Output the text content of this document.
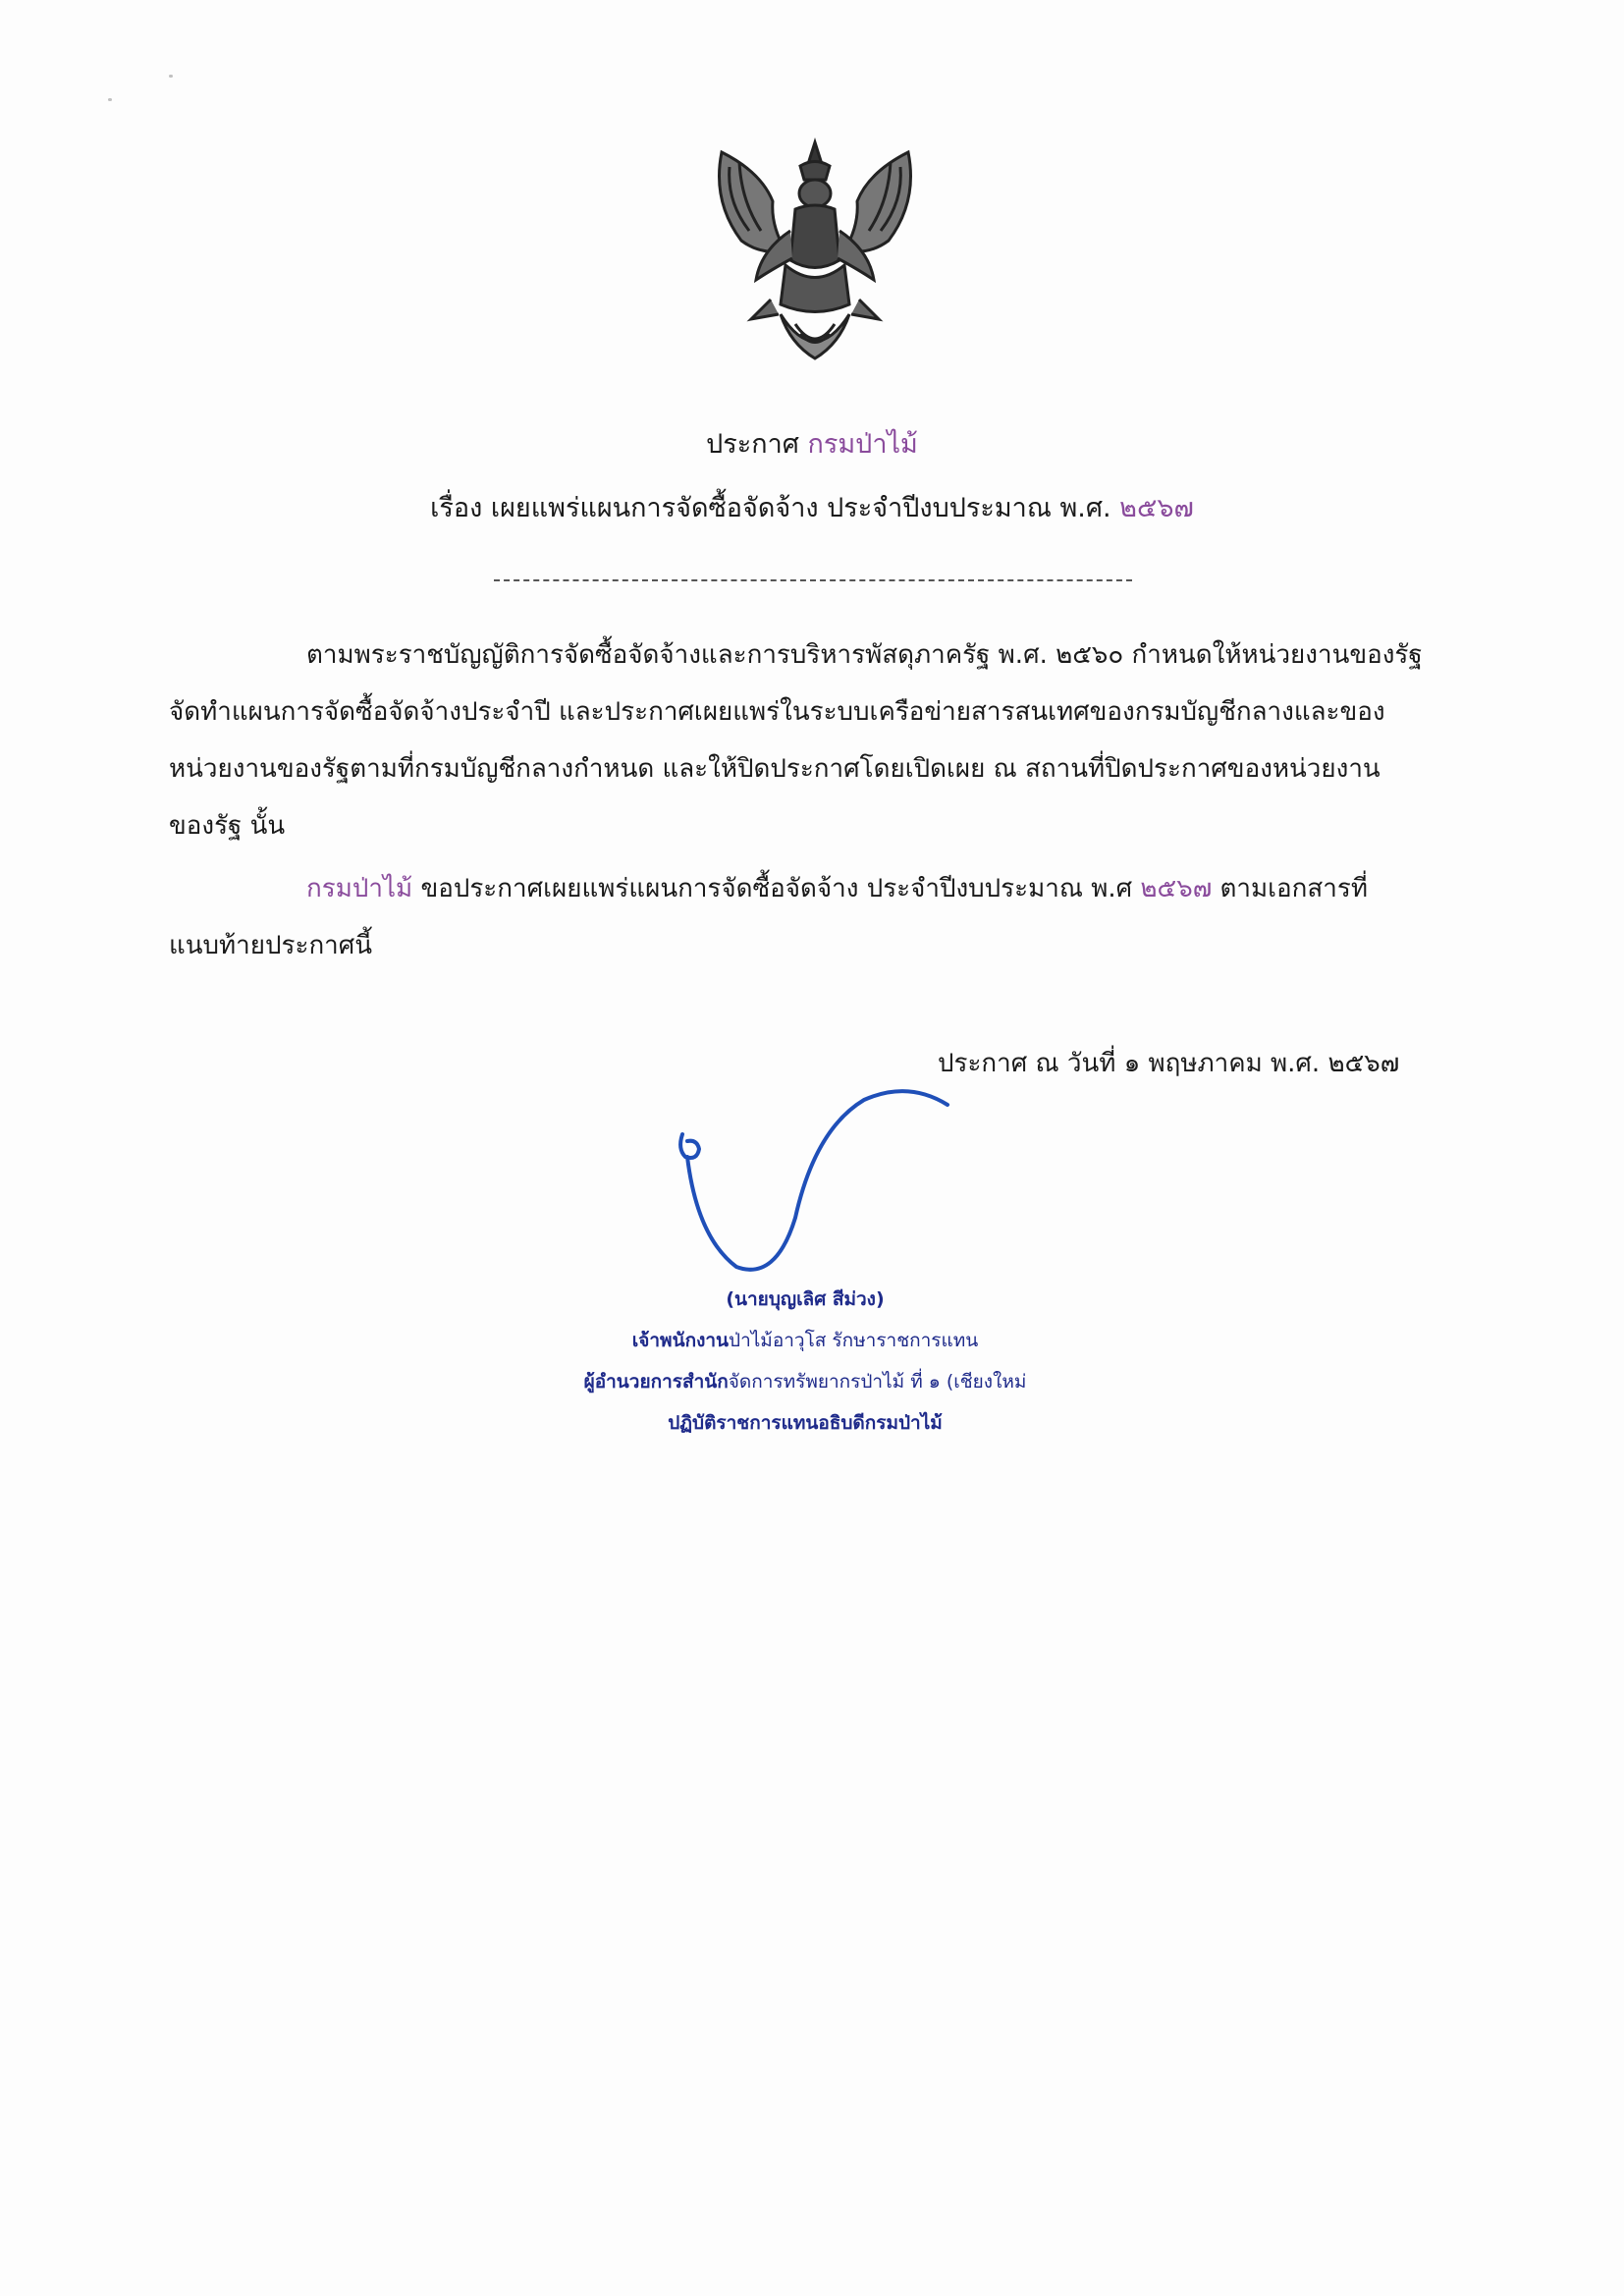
ประกาศ กรมป่าไม้
เรื่อง เผยแพร่แผนการจัดซื้อจัดจ้าง ประจำปีงบประมาณ พ.ศ. ๒๕๖๗
ตามพระราชบัญญัติการจัดซื้อจัดจ้างและการบริหารพัสดุภาครัฐ พ.ศ. ๒๕๖๐ กำหนดให้หน่วยงานของรัฐ
จัดทำแผนการจัดซื้อจัดจ้างประจำปี และประกาศเผยแพร่ในระบบเครือข่ายสารสนเทศของกรมบัญชีกลางและของ
หน่วยงานของรัฐตามที่กรมบัญชีกลางกำหนด และให้ปิดประกาศโดยเปิดเผย ณ สถานที่ปิดประกาศของหน่วยงาน
ของรัฐ นั้น
กรมป่าไม้ ขอประกาศเผยแพร่แผนการจัดซื้อจัดจ้าง ประจำปีงบประมาณ พ.ศ ๒๕๖๗ ตามเอกสารที่
แนบท้ายประกาศนี้
ประกาศ ณ วันที่ ๑ พฤษภาคม พ.ศ. ๒๕๖๗
(นายบุญเลิศ สีม่วง)
เจ้าพนักงานป่าไม้อาวุโส รักษาราชการแทน
ผู้อำนวยการสำนักจัดการทรัพยากรป่าไม้ ที่ ๑ (เชียงใหม่
ปฏิบัติราชการแทนอธิบดีกรมป่าไม้
